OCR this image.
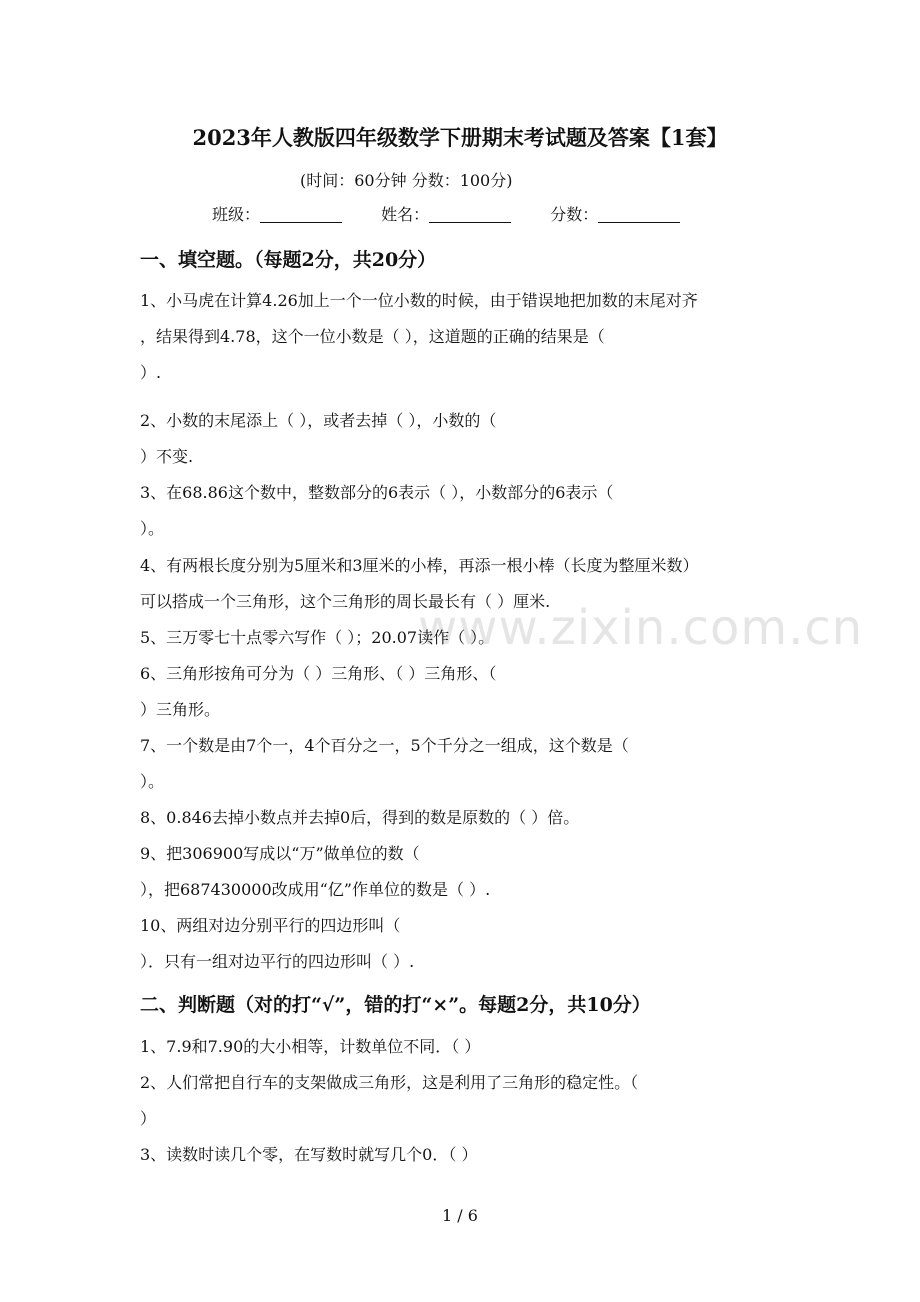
2023年人教版四年级数学下册期末考试题及答案【1套】
(时间：60分钟 分数：100分)
班级：	姓名：	分数：
www.zixin.com.cn
一、填空题。（每题2分，共20分）
1、小马虎在计算4.26加上一个一位小数的时候，由于错误地把加数的末尾对齐
，结果得到4.78，这个一位小数是（ ），这道题的正确的结果是（
）.
2、小数的末尾添上（ ），或者去掉（ ），小数的（
）不变.
3、在68.86这个数中，整数部分的6表示（ ），小数部分的6表示（
）。
4、有两根长度分别为5厘米和3厘米的小棒，再添一根小棒（长度为整厘米数）
可以搭成一个三角形，这个三角形的周长最长有（ ）厘米.
5、三万零七十点零六写作（ ）；20.07读作（ ）。
6、三角形按角可分为（ ）三角形、（ ）三角形、（
）三角形。
7、一个数是由7个一，4个百分之一，5个千分之一组成，这个数是（
）。
8、0.846去掉小数点并去掉0后，得到的数是原数的（ ）倍。
9、把306900写成以“万”做单位的数（
），把687430000改成用“亿”作单位的数是（ ）.
10、两组对边分别平行的四边形叫（
）．只有一组对边平行的四边形叫（ ）.
二、判断题（对的打“√”，错的打“×”。每题2分，共10分）
1、7.9和7.90的大小相等，计数单位不同．（ ）
2、人们常把自行车的支架做成三角形，这是利用了三角形的稳定性。（
）
3、读数时读几个零，在写数时就写几个0．（ ）
1 / 6
